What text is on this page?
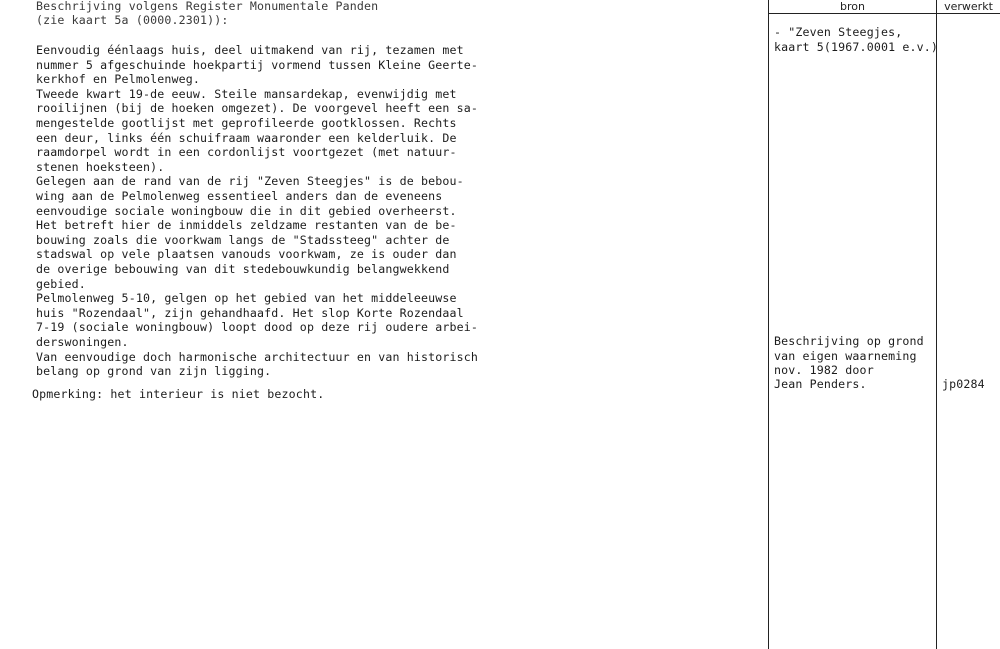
bron	verwerkt
Beschrijving volgens Register Monumentale Panden
(zie kaart 5a (0000.2301)):
Eenvoudig éénlaags huis, deel uitmakend van rij, tezamen met
nummer 5 afgeschuinde hoekpartij vormend tussen Kleine Geerte-
kerkhof en Pelmolenweg.
Tweede kwart 19-de eeuw. Steile mansardekap, evenwijdig met
rooilijnen (bij de hoeken omgezet). De voorgevel heeft een sa-
mengestelde gootlijst met geprofileerde gootklossen. Rechts
een deur, links één schuifraam waaronder een kelderluik. De
raamdorpel wordt in een cordonlijst voortgezet (met natuur-
stenen hoeksteen).
Gelegen aan de rand van de rij "Zeven Steegjes" is de bebou-
wing aan de Pelmolenweg essentieel anders dan de eveneens
eenvoudige sociale woningbouw die in dit gebied overheerst.
Het betreft hier de inmiddels zeldzame restanten van de be-
bouwing zoals die voorkwam langs de "Stadssteeg" achter de
stadswal op vele plaatsen vanouds voorkwam, ze is ouder dan
de overige bebouwing van dit stedebouwkundig belangwekkend
gebied.
Pelmolenweg 5-10, gelgen op het gebied van het middeleeuwse
huis "Rozendaal", zijn gehandhaafd. Het slop Korte Rozendaal
7-19 (sociale woningbouw) loopt dood op deze rij oudere arbei-
derswoningen.
Van eenvoudige doch harmonische architectuur en van historisch
belang op grond van zijn ligging.
Opmerking: het interieur is niet bezocht.
- "Zeven Steegjes,
kaart 5(1967.0001 e.v.)
Beschrijving op grond
van eigen waarneming
nov. 1982 door
Jean Penders.	jp0284
